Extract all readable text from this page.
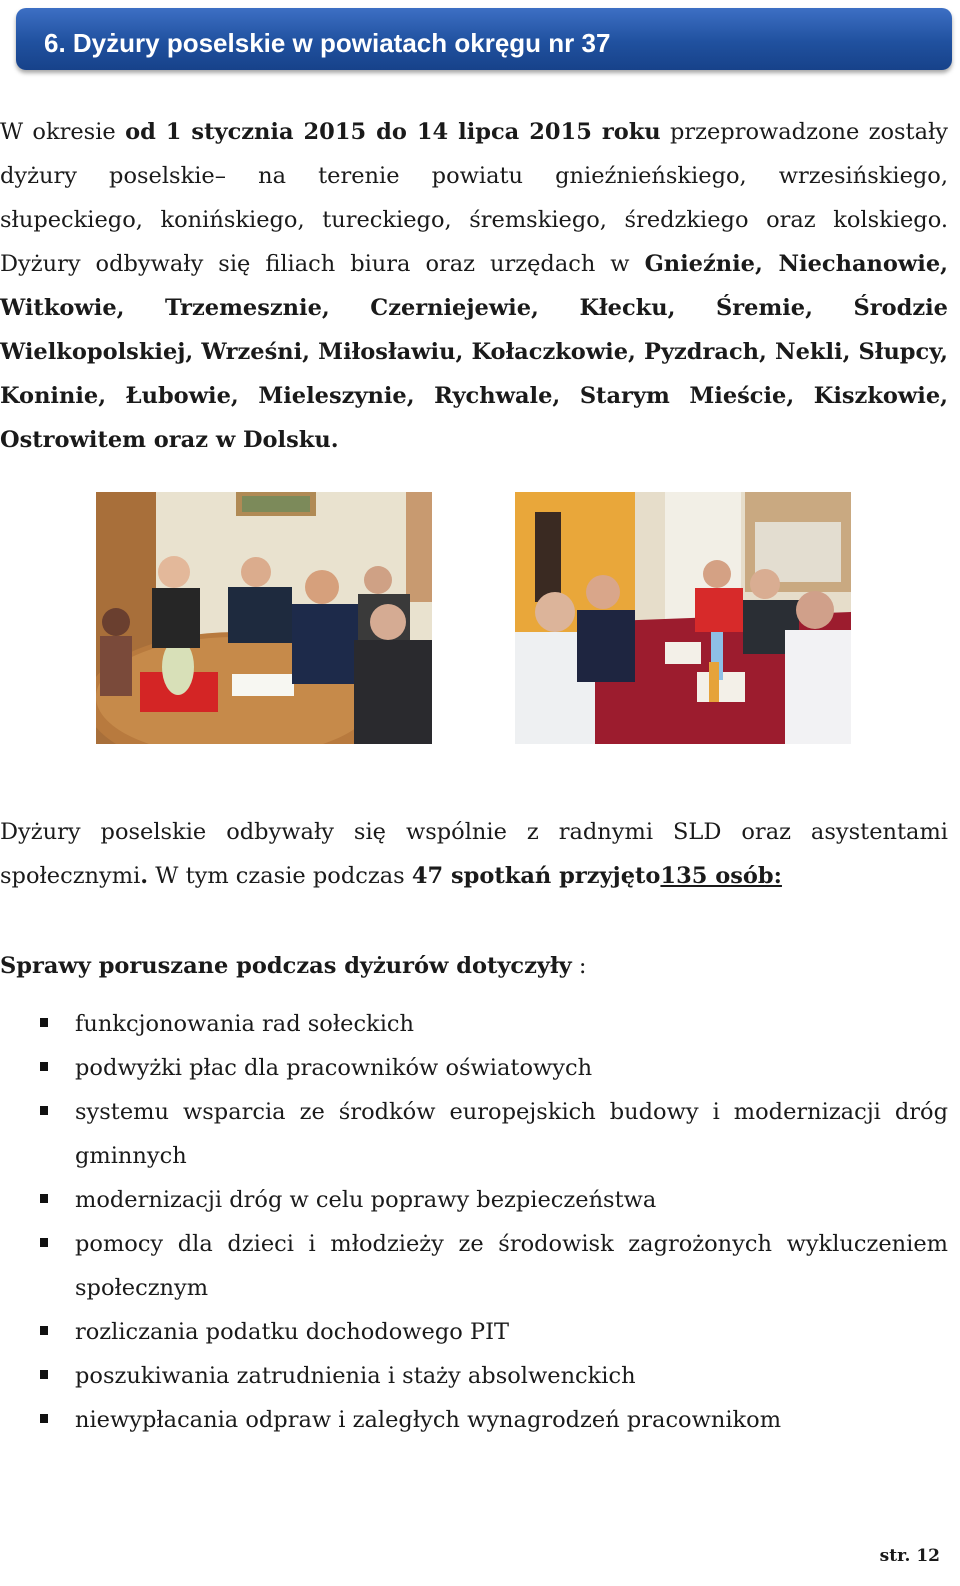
6. Dyżury poselskie w powiatach okręgu nr 37

W okresie od 1 stycznia 2015 do 14 lipca 2015 roku przeprowadzone zostały dyżury poselskie– na terenie powiatu gnieźnieńskiego, wrzesińskiego, słupeckiego, konińskiego, tureckiego, śremskiego, średzkiego oraz kolskiego. Dyżury odbywały się filiach biura oraz urzędach w Gnieźnie, Niechanowie, Witkowie, Trzemesznie, Czerniejewie, Kłecku, Śremie, Środzie Wielkopolskiej, Wrześni, Miłosławiu, Kołaczkowie, Pyzdrach, Nekli, Słupcy, Koninie, Łubowie, Mieleszynie, Rychwale, Starym Mieście, Kiszkowie, Ostrowitem oraz w Dolsku.

Dyżury poselskie odbywały się wspólnie z radnymi SLD oraz asystentami społecznymi. W tym czasie podczas 47 spotkań przyjęto135 osób:

Sprawy poruszane podczas dyżurów dotyczyły :
funkcjonowania rad sołeckich
podwyżki płac dla pracowników oświatowych
systemu wsparcia ze środków europejskich budowy i modernizacji dróg gminnych
modernizacji dróg w celu poprawy bezpieczeństwa
pomocy dla dzieci i młodzieży ze środowisk zagrożonych wykluczeniem społecznym
rozliczania podatku dochodowego PIT
poszukiwania zatrudnienia i staży absolwenckich
niewypłacania odpraw i zaległych wynagrodzeń pracownikom
str. 12
